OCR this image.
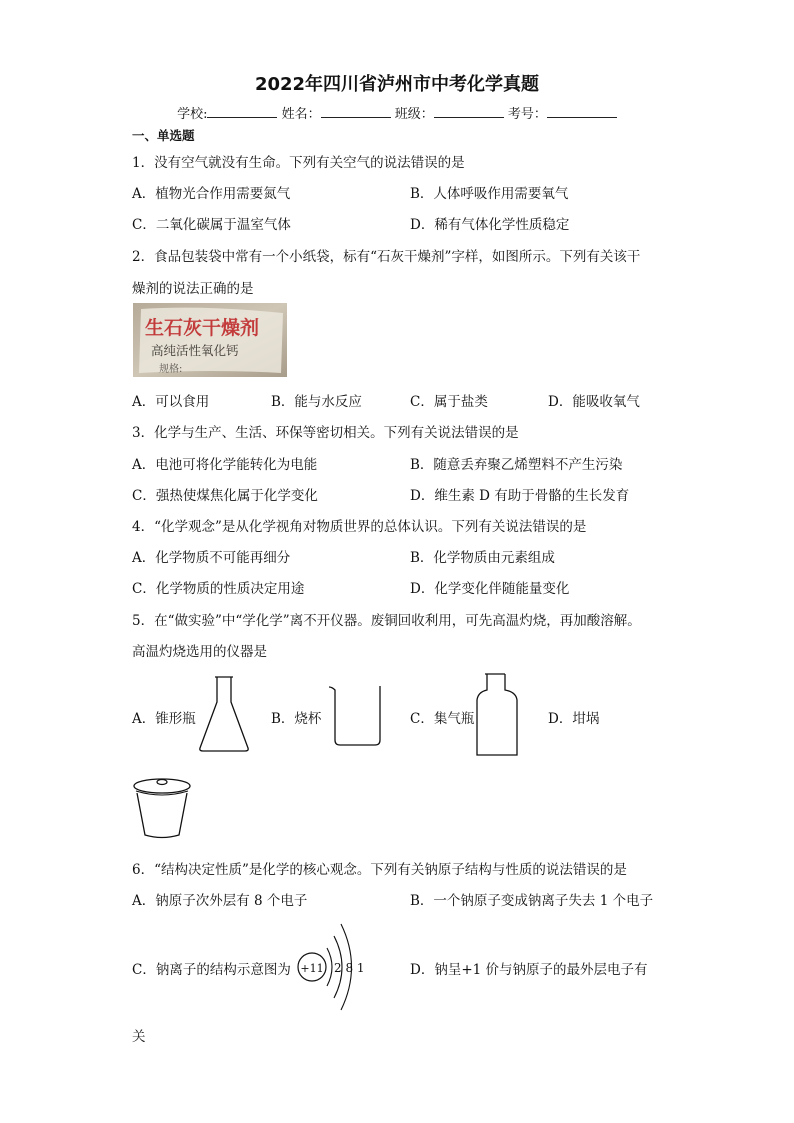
2022年四川省泸州市中考化学真题
学校:	姓名：	班级：	考号：
一、单选题
1．没有空气就没有生命。下列有关空气的说法错误的是
A．植物光合作用需要氮气	B．人体呼吸作用需要氧气
C．二氧化碳属于温室气体	D．稀有气体化学性质稳定
2．食品包装袋中常有一个小纸袋，标有“石灰干燥剂”字样，如图所示。下列有关该干
燥剂的说法正确的是
生石灰干燥剂
高纯活性氧化钙
规格:
A．可以食用	B．能与水反应	C．属于盐类	D．能吸收氧气
3．化学与生产、生活、环保等密切相关。下列有关说法错误的是
A．电池可将化学能转化为电能	B．随意丢弃聚乙烯塑料不产生污染
C．强热使煤焦化属于化学变化	D．维生素 D 有助于骨骼的生长发育
4．“化学观念”是从化学视角对物质世界的总体认识。下列有关说法错误的是
A．化学物质不可能再细分	B．化学物质由元素组成
C．化学物质的性质决定用途	D．化学变化伴随能量变化
5．在“做实验”中“学化学”离不开仪器。废铜回收利用，可先高温灼烧，再加酸溶解。
高温灼烧选用的仪器是
A．锥形瓶	B．烧杯	C．集气瓶	D．坩埚
6．“结构决定性质”是化学的核心观念。下列有关钠原子结构与性质的说法错误的是
A．钠原子次外层有 8 个电子	B．一个钠原子变成钠离子失去 1 个电子
C．钠离子的结构示意图为 +11 2 8 1	D．钠呈+1 价与钠原子的最外层电子有
关
